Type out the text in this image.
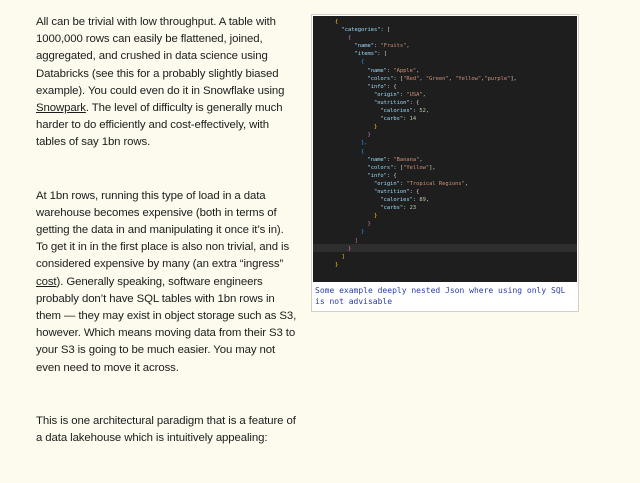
All can be trivial with low throughput. A table with 1000,000 rows can easily be flattened, joined, aggregated, and crushed in data science using Databricks (see this for a probably slightly biased example). You could even do it in Snowflake using Snowpark. The level of difficulty is generally much harder to do efficiently and cost-effectively, with tables of say 1bn rows.

At 1bn rows, running this type of load in a data warehouse becomes expensive (both in terms of getting the data in and manipulating it once it’s in). To get it in in the first place is also non trivial, and is considered expensive by many (an extra “ingress” cost). Generally speaking, software engineers probably don’t have SQL tables with 1bn rows in them — they may exist in object storage such as S3, however. Which means moving data from their S3 to your S3 is going to be much easier. You may not even need to move it across.

This is one architectural paradigm that is a feature of a data lakehouse which is intuitively appealing:

{
"categories": [
{
"name": "Fruits",
"items": [
{
"name": "Apple",
"colors": ["Red", "Green", "Yellow","purple"],
"info": {
"origin": "USA",
"nutrition": {
"calories": 52,
"carbs": 14
}
}
},
{
"name": "Banana",
"colors": ["Yellow"],
"info": {
"origin": "Tropical Regions",
"nutrition": {
"calories": 89,
"carbs": 23
}
}
}
]
}
]
}
Some example deeply nested Json where using only SQL is not advisable
